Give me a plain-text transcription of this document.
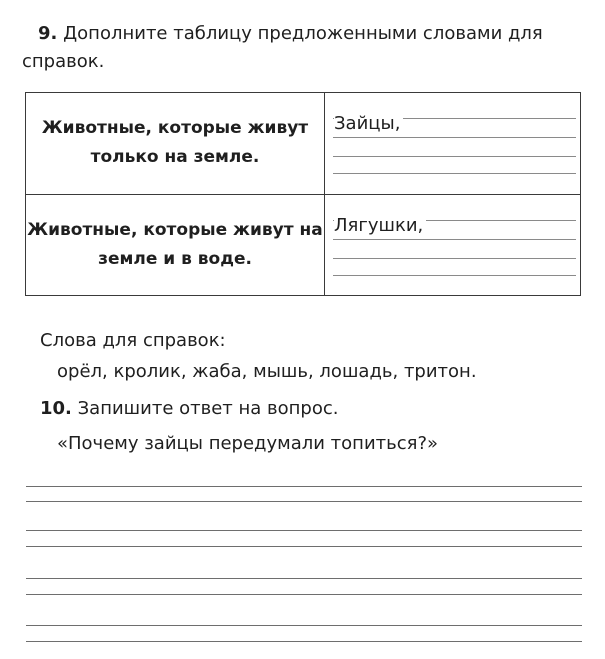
9. Дополните таблицу предложенными словами для справок.

Животные, которые живут только на земле.	Зайцы,

Животные, которые живут на земле и в воде.	Лягушки,

Слова для справок:

орёл, кролик, жаба, мышь, лошадь, тритон.

10. Запишите ответ на вопрос.

«Почему зайцы передумали топиться?»
